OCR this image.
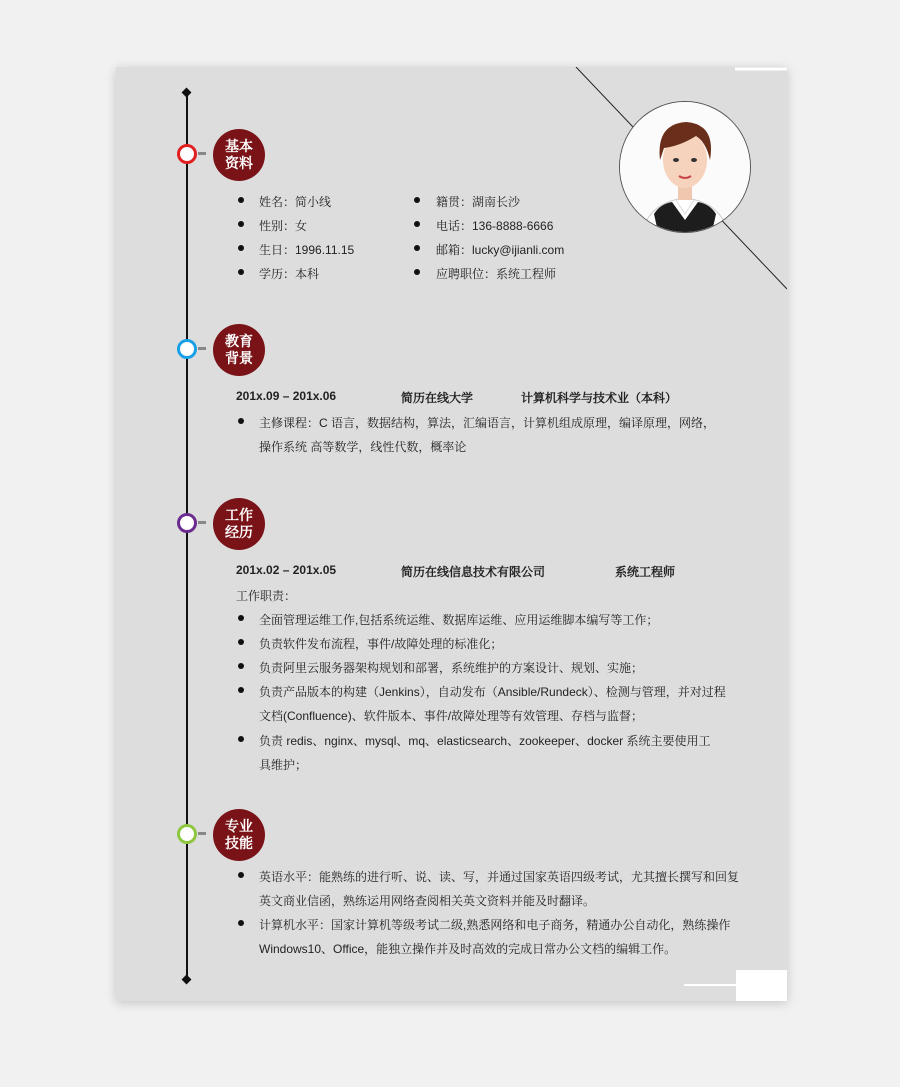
基本资料
姓名：简小线
性别：女
生日：1996.11.15
学历：本科
籍贯：湖南长沙
电话：136-8888-6666
邮箱：lucky@ijianli.com
应聘职位：系统工程师
教育背景
201x.09 – 201x.06	简历在线大学	计算机科学与技术业（本科）
主修课程：C 语言，数据结构，算法，汇编语言，计算机组成原理，编译原理，网络，
操作系统 高等数学，线性代数，概率论
工作经历
201x.02 – 201x.05	简历在线信息技术有限公司	系统工程师
工作职责：
全面管理运维工作,包括系统运维、数据库运维、应用运维脚本编写等工作；
负责软件发布流程，事件/故障处理的标准化；
负责阿里云服务器架构规划和部署，系统维护的方案设计、规划、实施；
负责产品版本的构建（Jenkins），自动发布（Ansible/Rundeck）、检测与管理，并对过程
文档(Confluence)、软件版本、事件/故障处理等有效管理、存档与监督；
负责 redis、nginx、mysql、mq、elasticsearch、zookeeper、docker 系统主要使用工
具维护；
专业技能
英语水平：能熟练的进行听、说、读、写，并通过国家英语四级考试，尤其擅长撰写和回复
英文商业信函，熟练运用网络查阅相关英文资料并能及时翻译。
计算机水平：国家计算机等级考试二级,熟悉网络和电子商务，精通办公自动化，熟练操作
Windows10、Office，能独立操作并及时高效的完成日常办公文档的编辑工作。
